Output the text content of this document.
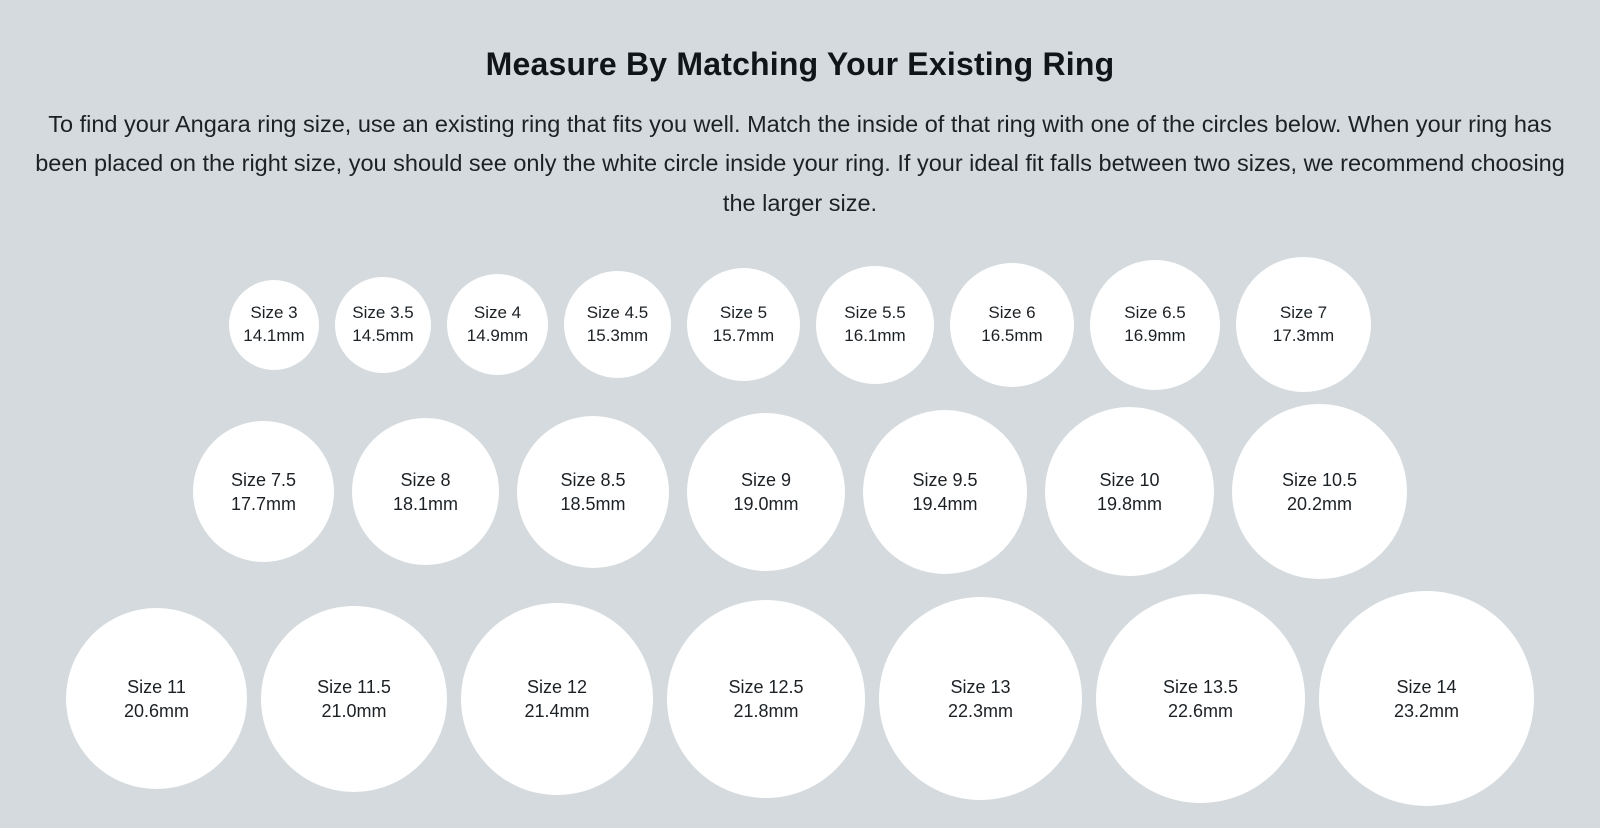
Measure By Matching Your Existing Ring

To find your Angara ring size, use an existing ring that fits you well. Match the inside of that ring with one of the circles below. When your ring has been placed on the right size, you should see only the white circle inside your ring. If your ideal fit falls between two sizes, we recommend choosing the larger size.

Size 3
14.1mm
Size 3.5
14.5mm
Size 4
14.9mm
Size 4.5
15.3mm
Size 5
15.7mm
Size 5.5
16.1mm
Size 6
16.5mm
Size 6.5
16.9mm
Size 7
17.3mm
Size 7.5
17.7mm
Size 8
18.1mm
Size 8.5
18.5mm
Size 9
19.0mm
Size 9.5
19.4mm
Size 10
19.8mm
Size 10.5
20.2mm
Size 11
20.6mm
Size 11.5
21.0mm
Size 12
21.4mm
Size 12.5
21.8mm
Size 13
22.3mm
Size 13.5
22.6mm
Size 14
23.2mm
